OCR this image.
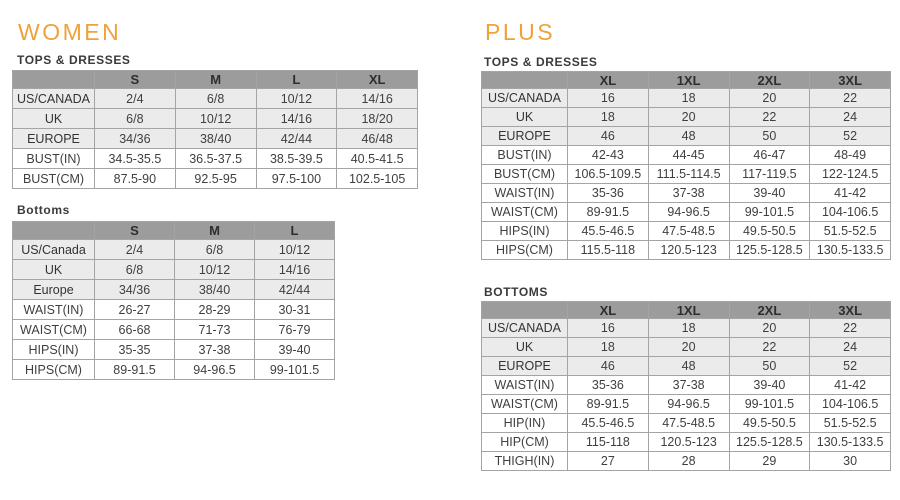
WOMEN
TOPS & DRESSES
	S	M	L	XL
US/CANADA	2/4	6/8	10/12	14/16
UK	6/8	10/12	14/16	18/20
EUROPE	34/36	38/40	42/44	46/48
BUST(IN)	34.5-35.5	36.5-37.5	38.5-39.5	40.5-41.5
BUST(CM)	87.5-90	92.5-95	97.5-100	102.5-105
Bottoms
	S	M	L
US/Canada	2/4	6/8	10/12
UK	6/8	10/12	14/16
Europe	34/36	38/40	42/44
WAIST(IN)	26-27	28-29	30-31
WAIST(CM)	66-68	71-73	76-79
HIPS(IN)	35-35	37-38	39-40
HIPS(CM)	89-91.5	94-96.5	99-101.5
PLUS
TOPS & DRESSES
	XL	1XL	2XL	3XL
US/CANADA	16	18	20	22
UK	18	20	22	24
EUROPE	46	48	50	52
BUST(IN)	42-43	44-45	46-47	48-49
BUST(CM)	106.5-109.5	111.5-114.5	117-119.5	122-124.5
WAIST(IN)	35-36	37-38	39-40	41-42
WAIST(CM)	89-91.5	94-96.5	99-101.5	104-106.5
HIPS(IN)	45.5-46.5	47.5-48.5	49.5-50.5	51.5-52.5
HIPS(CM)	115.5-118	120.5-123	125.5-128.5	130.5-133.5
BOTTOMS
	XL	1XL	2XL	3XL
US/CANADA	16	18	20	22
UK	18	20	22	24
EUROPE	46	48	50	52
WAIST(IN)	35-36	37-38	39-40	41-42
WAIST(CM)	89-91.5	94-96.5	99-101.5	104-106.5
HIP(IN)	45.5-46.5	47.5-48.5	49.5-50.5	51.5-52.5
HIP(CM)	115-118	120.5-123	125.5-128.5	130.5-133.5
THIGH(IN)	27	28	29	30
